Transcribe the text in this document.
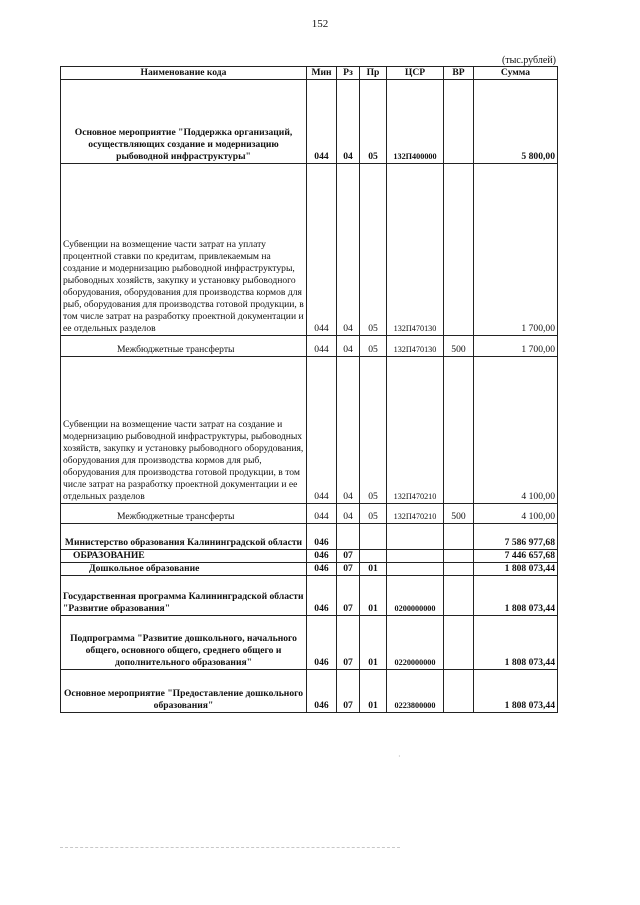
152
(тыс.рублей)
Наименование кода	Мин	Рз	Пр	ЦСР	ВР	Сумма
Основное мероприятие "Поддержка организаций, осуществляющих создание и модернизацию рыбоводной инфраструктуры"	044	04	05	132П400000		5 800,00
Субвенции на возмещение части затрат на уплату процентной ставки по кредитам, привлекаемым на создание и модернизацию рыбоводной инфраструктуры, рыбоводных хозяйств, закупку и установку рыбоводного оборудования, оборудования для производства кормов для рыб, оборудования для производства готовой продукции, в том числе затрат на разработку проектной документации и ее отдельных разделов	044	04	05	132П470130		1 700,00
Межбюджетные трансферты	044	04	05	132П470130	500	1 700,00
Субвенции на возмещение части затрат на создание и модернизацию рыбоводной инфраструктуры, рыбоводных хозяйств, закупку и установку рыбоводного оборудования, оборудования для производства кормов для рыб, оборудования для производства готовой продукции, в том числе затрат на разработку проектной документации и ее отдельных разделов	044	04	05	132П470210		4 100,00
Межбюджетные трансферты	044	04	05	132П470210	500	4 100,00
Министерство образования Калининградской области	046					7 586 977,68
ОБРАЗОВАНИЕ	046	07				7 446 657,68
Дошкольное образование	046	07	01			1 808 073,44
Государственная программа Калининградской области "Развитие образования"	046	07	01	0200000000		1 808 073,44
Подпрограмма "Развитие дошкольного, начального общего, основного общего, среднего общего и дополнительного образования"	046	07	01	0220000000		1 808 073,44
Основное мероприятие "Предоставление дошкольного образования"	046	07	01	0223800000		1 808 073,44
·
